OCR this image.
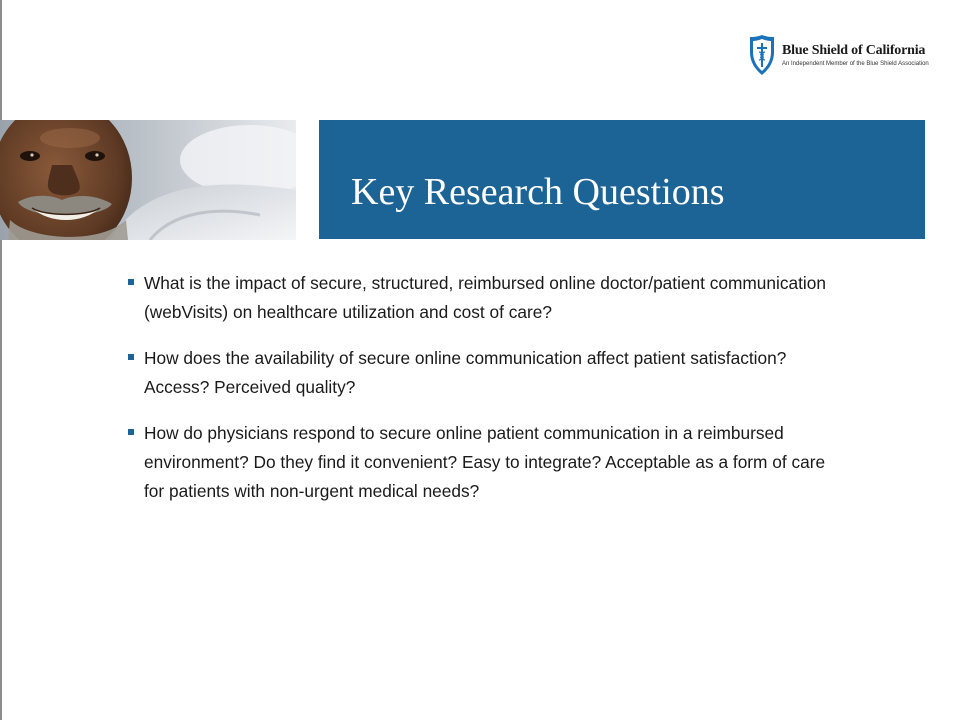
Blue Shield of California
An Independent Member of the Blue Shield Association
Key Research Questions
What is the impact of secure, structured, reimbursed online doctor/patient communication (webVisits) on healthcare utilization and cost of care?
How does the availability of secure online communication affect patient satisfaction? Access? Perceived quality?
How do physicians respond to secure online patient communication in a reimbursed environment? Do they find it convenient? Easy to integrate? Acceptable as a form of care for patients with non-urgent medical needs?
